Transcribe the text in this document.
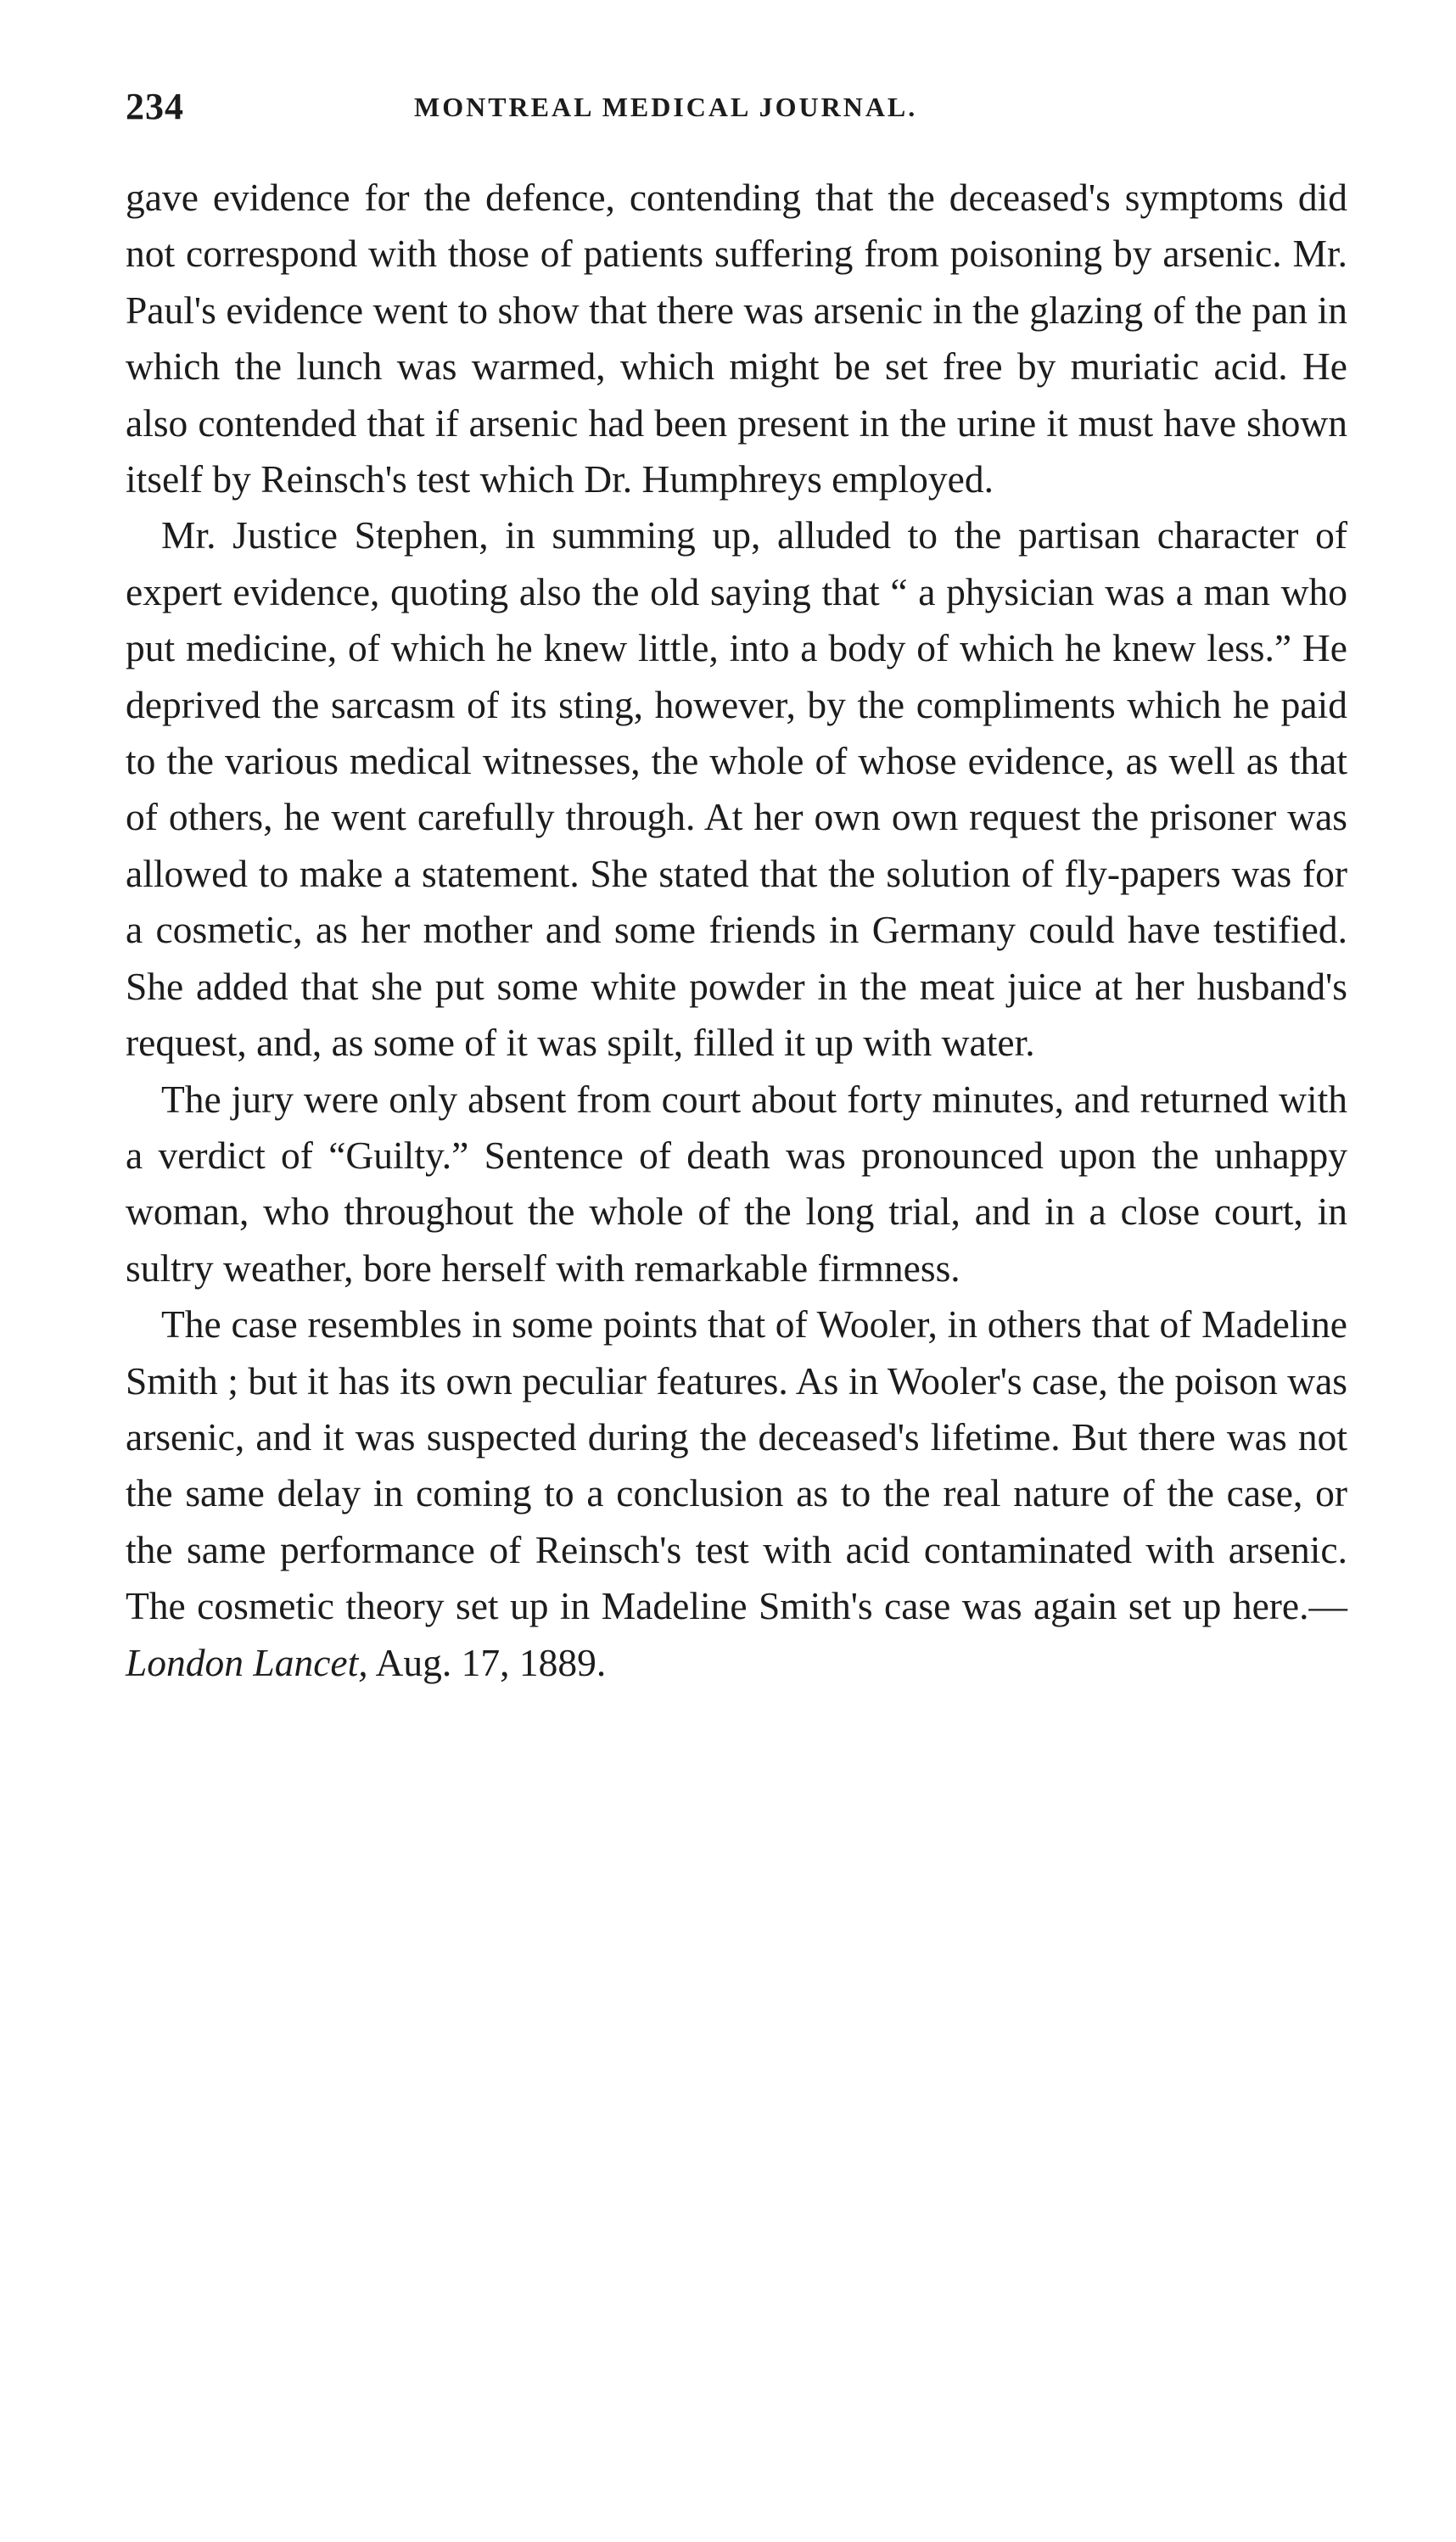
234	MONTREAL MEDICAL JOURNAL.

gave evidence for the defence, contending that the deceased's symptoms did not correspond with those of patients suffering from poisoning by arsenic. Mr. Paul's evidence went to show that there was arsenic in the glazing of the pan in which the lunch was warmed, which might be set free by muriatic acid. He also contended that if arsenic had been present in the urine it must have shown itself by Reinsch's test which Dr. Humphreys employed.

Mr. Justice Stephen, in summing up, alluded to the partisan character of expert evidence, quoting also the old saying that “ a physician was a man who put medicine, of which he knew little, into a body of which he knew less.” He deprived the sarcasm of its sting, however, by the compliments which he paid to the various medical witnesses, the whole of whose evidence, as well as that of others, he went carefully through. At her own own request the prisoner was allowed to make a statement. She stated that the solution of fly-papers was for a cosmetic, as her mother and some friends in Germany could have testified. She added that she put some white powder in the meat juice at her husband's request, and, as some of it was spilt, filled it up with water.

The jury were only absent from court about forty minutes, and returned with a verdict of “Guilty.” Sentence of death was pronounced upon the unhappy woman, who throughout the whole of the long trial, and in a close court, in sultry weather, bore herself with remarkable firmness.

The case resembles in some points that of Wooler, in others that of Madeline Smith ; but it has its own peculiar features. As in Wooler's case, the poison was arsenic, and it was suspected during the deceased's lifetime. But there was not the same delay in coming to a conclusion as to the real nature of the case, or the same performance of Reinsch's test with acid contaminated with arsenic. The cosmetic theory set up in Madeline Smith's case was again set up here.—London Lancet, Aug. 17, 1889.
